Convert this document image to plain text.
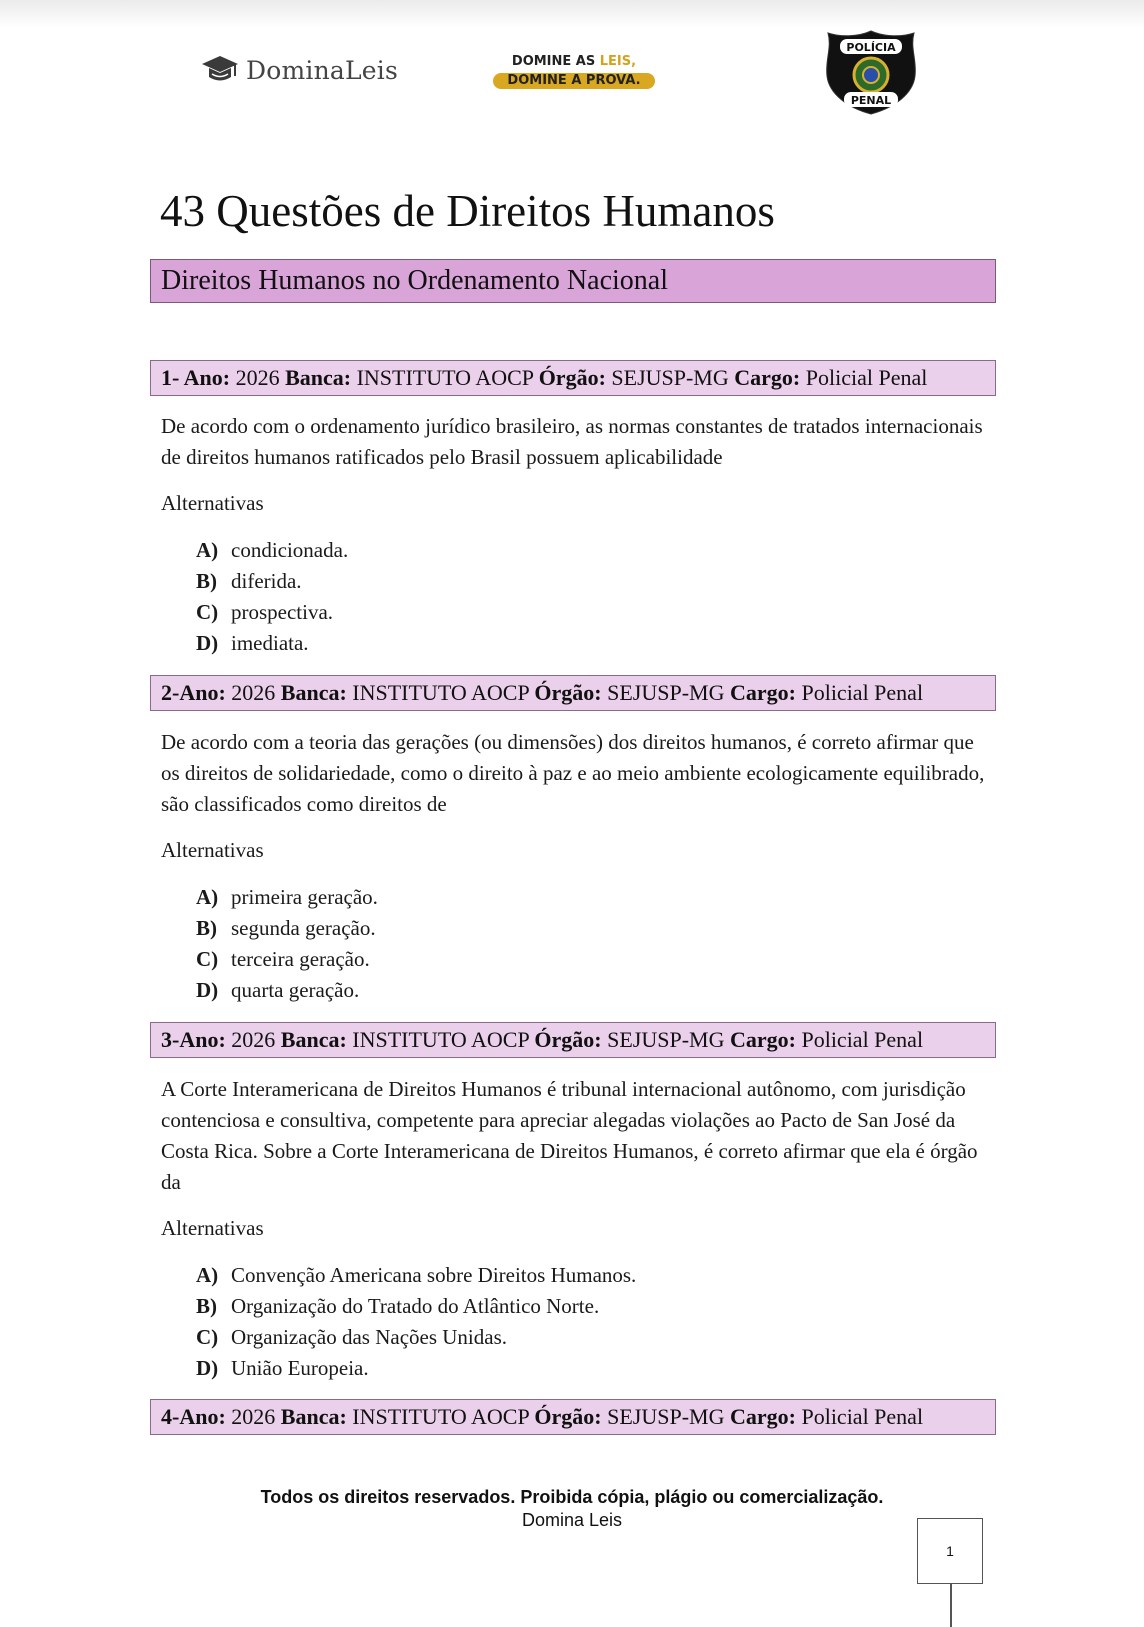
DominaLeis	DOMINE AS LEIS,
DOMINE A PROVA.
POLÍCIA
PENAL
43 Questões de Direitos Humanos
Direitos Humanos no Ordenamento Nacional
1- Ano: 2026 Banca: INSTITUTO AOCP Órgão: SEJUSP-MG Cargo: Policial Penal

De acordo com o ordenamento jurídico brasileiro, as normas constantes de tratados internacionais de direitos humanos ratificados pelo Brasil possuem aplicabilidade

Alternativas

A) condicionada.
B) diferida.
C) prospectiva.
D) imediata.
2-Ano: 2026 Banca: INSTITUTO AOCP Órgão: SEJUSP-MG Cargo: Policial Penal

De acordo com a teoria das gerações (ou dimensões) dos direitos humanos, é correto afirmar que os direitos de solidariedade, como o direito à paz e ao meio ambiente ecologicamente equilibrado, são classificados como direitos de

Alternativas

A) primeira geração.
B) segunda geração.
C) terceira geração.
D) quarta geração.
3-Ano: 2026 Banca: INSTITUTO AOCP Órgão: SEJUSP-MG Cargo: Policial Penal

A Corte Interamericana de Direitos Humanos é tribunal internacional autônomo, com jurisdição contenciosa e consultiva, competente para apreciar alegadas violações ao Pacto de San José da Costa Rica. Sobre a Corte Interamericana de Direitos Humanos, é correto afirmar que ela é órgão da

Alternativas

A) Convenção Americana sobre Direitos Humanos.
B) Organização do Tratado do Atlântico Norte.
C) Organização das Nações Unidas.
D) União Europeia.
4-Ano: 2026 Banca: INSTITUTO AOCP Órgão: SEJUSP-MG Cargo: Policial Penal
Todos os direitos reservados. Proibida cópia, plágio ou comercialização.
Domina Leis
1
